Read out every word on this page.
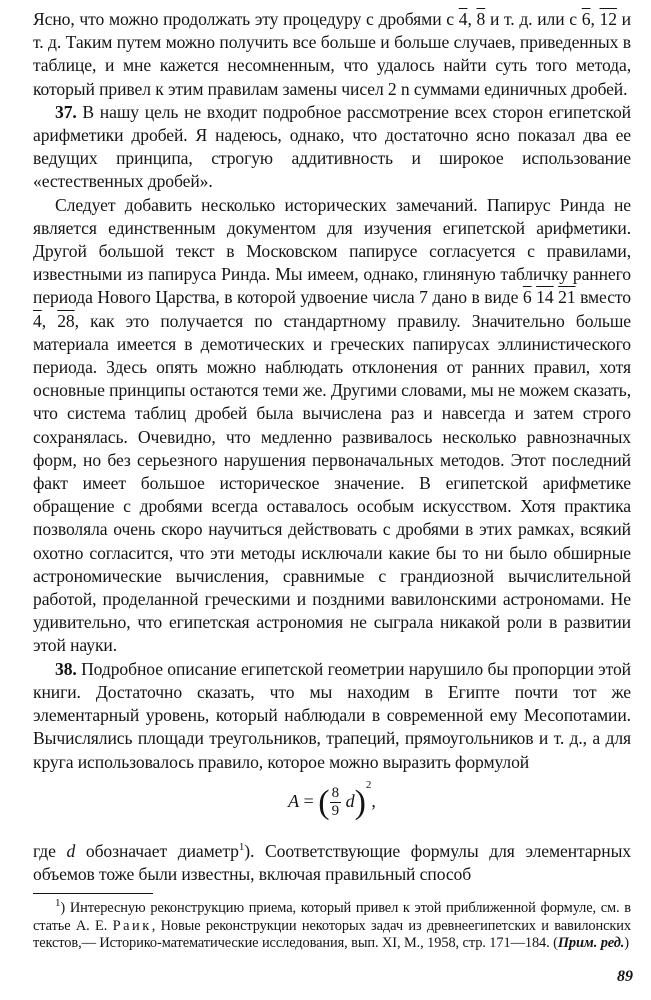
Ясно, что можно продолжать эту процедуру с дробями с 4, 8 и т. д. или с 6, 12 и т. д. Таким путем можно получить все больше и больше случаев, приведенных в таблице, и мне кажется несомненным, что удалось найти суть того метода, который привел к этим правилам замены чисел 2 n суммами единичных дробей.

37. В нашу цель не входит подробное рассмотрение всех сторон египетской арифметики дробей. Я надеюсь, однако, что достаточно ясно показал два ее ведущих принципа, строгую аддитивность и широкое использование «естественных дробей».

Следует добавить несколько исторических замечаний. Папирус Ринда не является единственным документом для изучения египетской арифметики. Другой большой текст в Московском папирусе согласуется с правилами, известными из папируса Ринда. Мы имеем, однако, глиняную табличку раннего периода Нового Царства, в которой удвоение числа 7 дано в виде 6 14 21 вместо 4, 28, как это получается по стандартному правилу. Значительно больше материала имеется в демотических и греческих папирусах эллинистического периода. Здесь опять можно наблюдать отклонения от ранних правил, хотя основные принципы остаются теми же. Другими словами, мы не можем сказать, что система таблиц дробей была вычислена раз и навсегда и затем строго сохранялась. Очевидно, что медленно развивалось несколько равнозначных форм, но без серьезного нарушения первоначальных методов. Этот последний факт имеет большое историческое значение. В египетской арифметике обращение с дробями всегда оставалось особым искусством. Хотя практика позволяла очень скоро научиться действовать с дробями в этих рамках, всякий охотно согласится, что эти методы исключали какие бы то ни было обширные астрономические вычисления, сравнимые с грандиозной вычислительной работой, проделанной греческими и поздними вавилонскими астрономами. Не удивительно, что египетская астрономия не сыграла никакой роли в развитии этой науки.

38. Подробное описание египетской геометрии нарушило бы пропорции этой книги. Достаточно сказать, что мы находим в Египте почти тот же элементарный уровень, который наблюдали в современной ему Месопотамии. Вычислялись площади треугольников, трапеций, прямоугольников и т. д., а для круга использовалось правило, которое можно выразить формулой

A = ( $\frac{8}{9} d)^2$,

где d обозначает диаметр$^1$). Соответствующие формулы для элементарных объемов тоже были известны, включая правильный способ

$^1$) Интересную реконструкцию приема, который привел к этой приближенной формуле, см. в статье А. Е. Раик, Новые реконструкции некоторых задач из древнеегипетских и вавилонских текстов,— Историко-математические исследования, вып. XI, М., 1958, стр. 171—184. (Прим. ред.)

89
